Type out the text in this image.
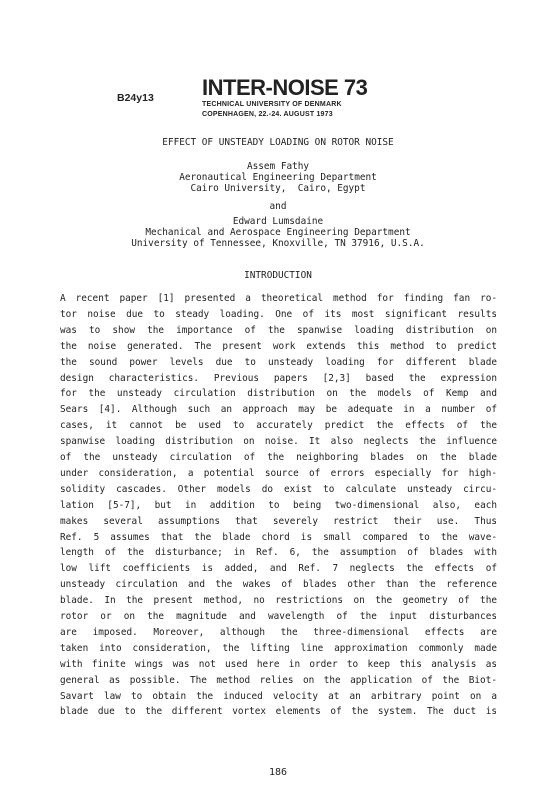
B24y13 INTER-NOISE 73
TECHNICAL UNIVERSITY OF DENMARK
COPENHAGEN, 22.-24. AUGUST 1973
EFFECT OF UNSTEADY LOADING ON ROTOR NOISE
Assem Fathy
Aeronautical Engineering Department
Cairo University,  Cairo, Egypt
and
Edward Lumsdaine
Mechanical and Aerospace Engineering Department
University of Tennessee, Knoxville, TN 37916, U.S.A.
INTRODUCTION
A recent paper [1] presented a theoretical method for finding fan ro-
tor noise due to steady loading. One of its most significant results
was to show the importance of the spanwise loading distribution on
the noise generated. The present work extends this method to predict
the sound power levels due to unsteady loading for different blade
design characteristics. Previous papers [2,3] based the expression
for the unsteady circulation distribution on the models of Kemp and
Sears [4]. Although such an approach may be adequate in a number of
cases, it cannot be used to accurately predict the effects of the
spanwise loading distribution on noise. It also neglects the influence
of the unsteady circulation of the neighboring blades on the blade
under consideration, a potential source of errors especially for high-
solidity cascades. Other models do exist to calculate unsteady circu-
lation [5-7], but in addition to being two-dimensional also, each
makes several assumptions that severely restrict their use. Thus
Ref. 5 assumes that the blade chord is small compared to the wave-
length of the disturbance; in Ref. 6, the assumption of blades with
low lift coefficients is added, and Ref. 7 neglects the effects of
unsteady circulation and the wakes of blades other than the reference
blade. In the present method, no restrictions on the geometry of the
rotor or on the magnitude and wavelength of the input disturbances
are imposed. Moreover, although the three-dimensional effects are
taken into consideration, the lifting line approximation commonly made
with finite wings was not used here in order to keep this analysis as
general as possible. The method relies on the application of the Biot-
Savart law to obtain the induced velocity at an arbitrary point on a
blade due to the different vortex elements of the system. The duct is
186
